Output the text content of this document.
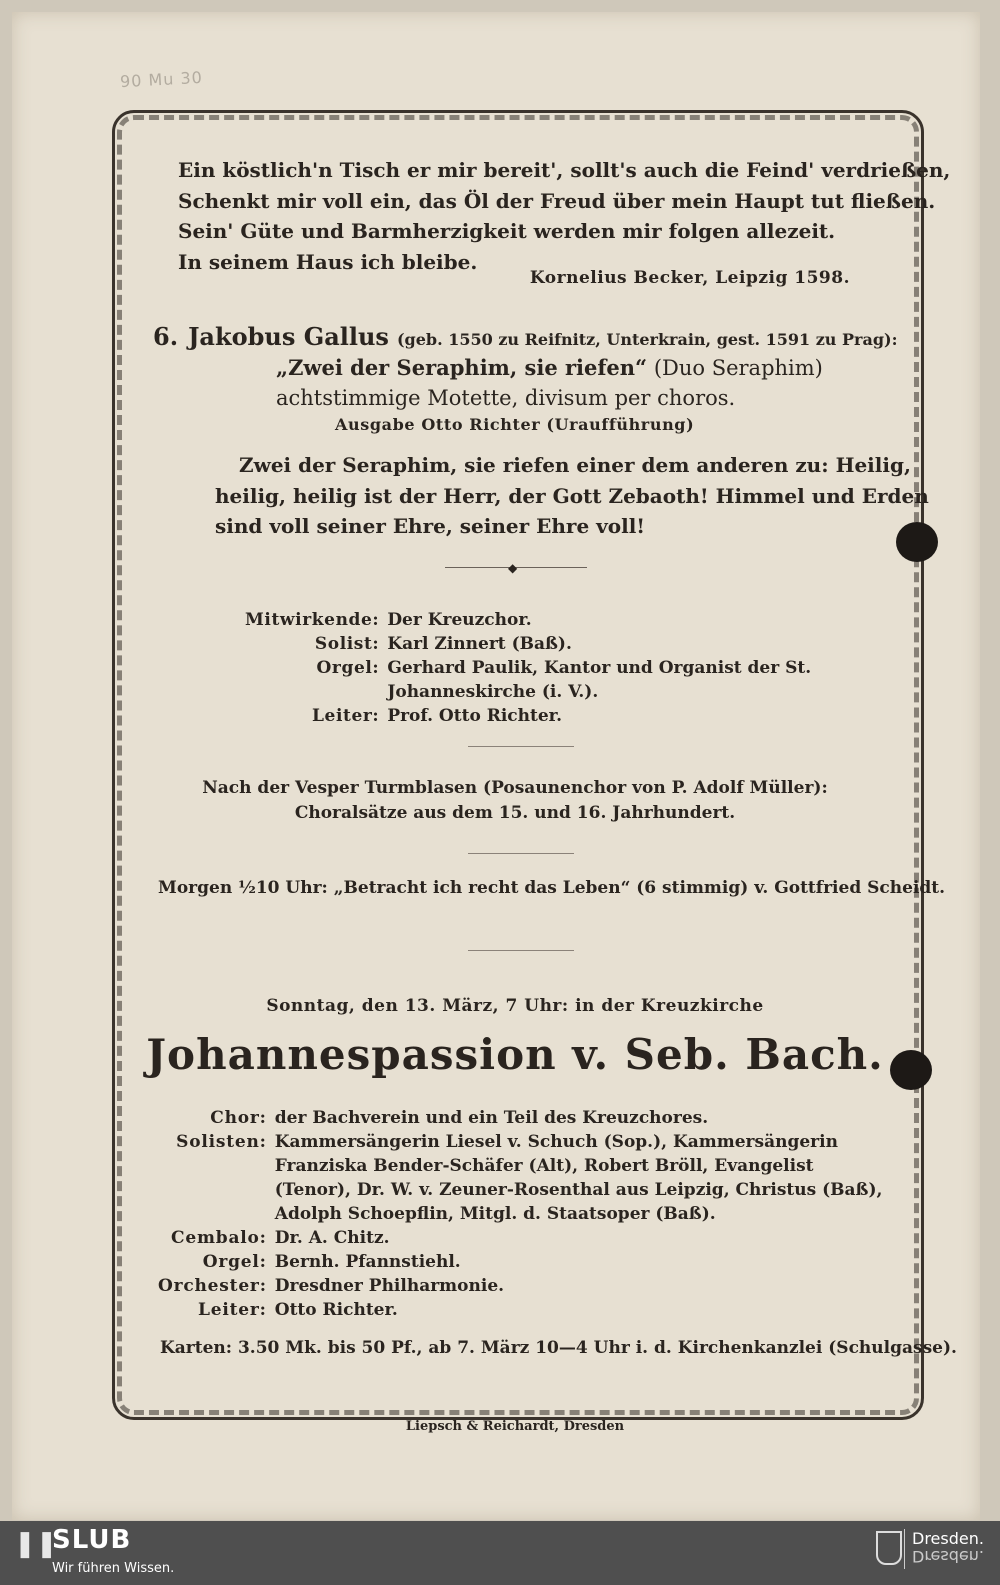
90 Mu 30
Ein köstlich'n Tisch er mir bereit', sollt's auch die Feind' verdrießen,
Schenkt mir voll ein, das Öl der Freud über mein Haupt tut fließen.
Sein' Güte und Barmherzigkeit werden mir folgen allezeit.
In seinem Haus ich bleibe.
Kornelius Becker, Leipzig 1598.
6. Jakobus Gallus (geb. 1550 zu Reifnitz, Unterkrain, gest. 1591 zu Prag):
„Zwei der Seraphim, sie riefen“ (Duo Seraphim)
achtstimmige Motette, divisum per choros.
Ausgabe Otto Richter (Uraufführung)
Zwei der Seraphim, sie riefen einer dem anderen zu: Heilig,
heilig, heilig ist der Herr, der Gott Zebaoth! Himmel und Erden
sind voll seiner Ehre, seiner Ehre voll!
◆
Mitwirkende:	Der Kreuzchor.
Solist:	Karl Zinnert (Baß).
Orgel:	Gerhard Paulik, Kantor und Organist der St. Johanneskirche (i. V.).
Leiter:	Prof. Otto Richter.
Nach der Vesper Turmblasen (Posaunenchor von P. Adolf Müller):
Choralsätze aus dem 15. und 16. Jahrhundert.
Morgen ½10 Uhr: „Betracht ich recht das Leben“ (6 stimmig) v. Gottfried Scheidt.
Sonntag, den 13. März, 7 Uhr: in der Kreuzkirche
Johannespassion v. Seb. Bach.
Chor:	der Bachverein und ein Teil des Kreuzchores.
Solisten:	Kammersängerin Liesel v. Schuch (Sop.), Kammersängerin Franziska Bender-Schäfer (Alt), Robert Bröll, Evangelist (Tenor), Dr. W. v. Zeuner-Rosenthal aus Leipzig, Christus (Baß), Adolph Schoepflin, Mitgl. d. Staatsoper (Baß).
Cembalo:	Dr. A. Chitz.
Orgel:	Bernh. Pfannstiehl.
Orchester:	Dresdner Philharmonie.
Leiter:	Otto Richter.
Karten: 3.50 Mk. bis 50 Pf., ab 7. März 10—4 Uhr i. d. Kirchenkanzlei (Schulgasse).
Liepsch & Reichardt, Dresden
❚❚
SLUB
Wir führen Wissen.
Dresden.
Dresden.
